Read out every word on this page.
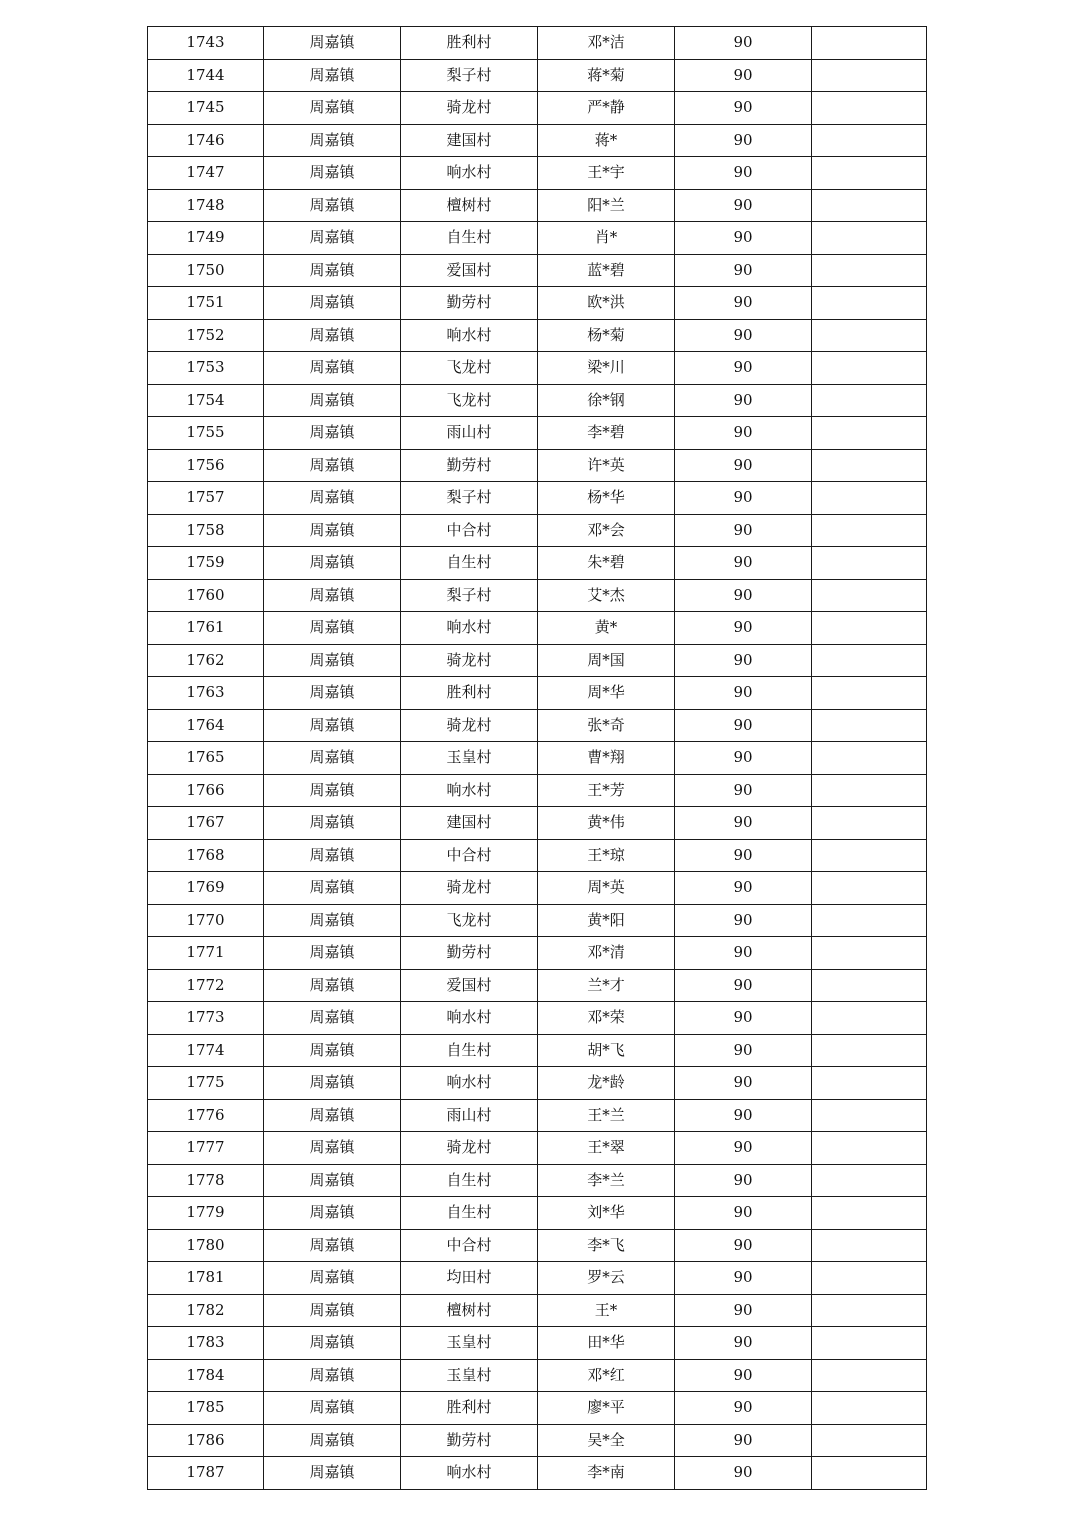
1743	周嘉镇	胜利村	邓*洁	90	
1744	周嘉镇	梨子村	蒋*菊	90	
1745	周嘉镇	骑龙村	严*静	90	
1746	周嘉镇	建国村	蒋*	90	
1747	周嘉镇	响水村	王*宇	90	
1748	周嘉镇	檀树村	阳*兰	90	
1749	周嘉镇	自生村	肖*	90	
1750	周嘉镇	爱国村	蓝*碧	90	
1751	周嘉镇	勤劳村	欧*洪	90	
1752	周嘉镇	响水村	杨*菊	90	
1753	周嘉镇	飞龙村	梁*川	90	
1754	周嘉镇	飞龙村	徐*钢	90	
1755	周嘉镇	雨山村	李*碧	90	
1756	周嘉镇	勤劳村	许*英	90	
1757	周嘉镇	梨子村	杨*华	90	
1758	周嘉镇	中合村	邓*会	90	
1759	周嘉镇	自生村	朱*碧	90	
1760	周嘉镇	梨子村	艾*杰	90	
1761	周嘉镇	响水村	黄*	90	
1762	周嘉镇	骑龙村	周*国	90	
1763	周嘉镇	胜利村	周*华	90	
1764	周嘉镇	骑龙村	张*奇	90	
1765	周嘉镇	玉皇村	曹*翔	90	
1766	周嘉镇	响水村	王*芳	90	
1767	周嘉镇	建国村	黄*伟	90	
1768	周嘉镇	中合村	王*琼	90	
1769	周嘉镇	骑龙村	周*英	90	
1770	周嘉镇	飞龙村	黄*阳	90	
1771	周嘉镇	勤劳村	邓*清	90	
1772	周嘉镇	爱国村	兰*才	90	
1773	周嘉镇	响水村	邓*荣	90	
1774	周嘉镇	自生村	胡*飞	90	
1775	周嘉镇	响水村	龙*龄	90	
1776	周嘉镇	雨山村	王*兰	90	
1777	周嘉镇	骑龙村	王*翠	90	
1778	周嘉镇	自生村	李*兰	90	
1779	周嘉镇	自生村	刘*华	90	
1780	周嘉镇	中合村	李*飞	90	
1781	周嘉镇	均田村	罗*云	90	
1782	周嘉镇	檀树村	王*	90	
1783	周嘉镇	玉皇村	田*华	90	
1784	周嘉镇	玉皇村	邓*红	90	
1785	周嘉镇	胜利村	廖*平	90	
1786	周嘉镇	勤劳村	吴*全	90	
1787	周嘉镇	响水村	李*南	90	
